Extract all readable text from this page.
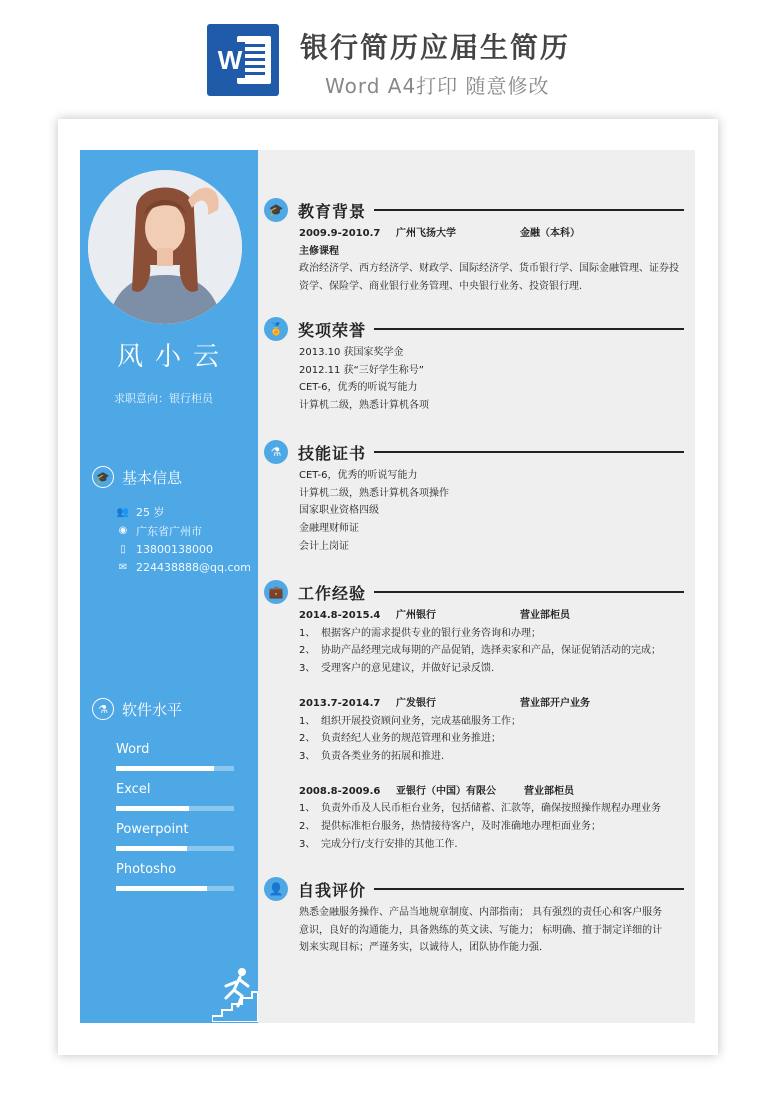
W 银行简历应届生简历
Word A4打印 随意修改
风小云
求职意向：银行柜员
🎓 基本信息
👥 25 岁
◉ 广东省广州市
▯ 13800138000
✉ 224438888@qq.com
⚗ 软件水平
Word
Excel
Powerpoint
Photosho
🎓 教育背景
2009.9-2010.7	广州飞扬大学	金融（本科）
主修课程
政治经济学、西方经济学、财政学、国际经济学、货币银行学、国际金融管理、证券投资学、保险学、商业银行业务管理、中央银行业务、投资银行理.
🏅 奖项荣誉
2013.10 获国家奖学金
2012.11 获“三好学生称号”
CET-6，优秀的听说写能力
计算机二级，熟悉计算机各项
⚗	技能证书
CET-6，优秀的听说写能力
计算机二级，熟悉计算机各项操作
国家职业资格四级
金融理财师证
会计上岗证
💼 工作经验
2014.8-2015.4	广州银行	营业部柜员
1、 根据客户的需求提供专业的银行业务咨询和办理；
2、 协助产品经理完成每期的产品促销，选择卖家和产品，保证促销活动的完成；
3、 受理客户的意见建议，并做好记录反馈.
2013.7-2014.7	广发银行	营业部开户业务
1、 组织开展投资顾问业务，完成基础服务工作；
2、 负责经纪人业务的规范管理和业务推进；
3、 负责各类业务的拓展和推进.
2008.8-2009.6	亚银行（中国）有限公	营业部柜员
1、 负责外币及人民币柜台业务，包括储蓄、汇款等，确保按照操作规程办理业务
2、 提供标准柜台服务，热情接待客户，及时准确地办理柜面业务；
3、 完成分行/支行安排的其他工作.
👤 自我评价
熟悉金融服务操作、产品当地规章制度、内部指南； 具有强烈的责任心和客户服务意识，良好的沟通能力，具备熟练的英文读、写能力； 标明确、擅于制定详细的计划来实现目标；严谨务实，以诚待人，团队协作能力强.
